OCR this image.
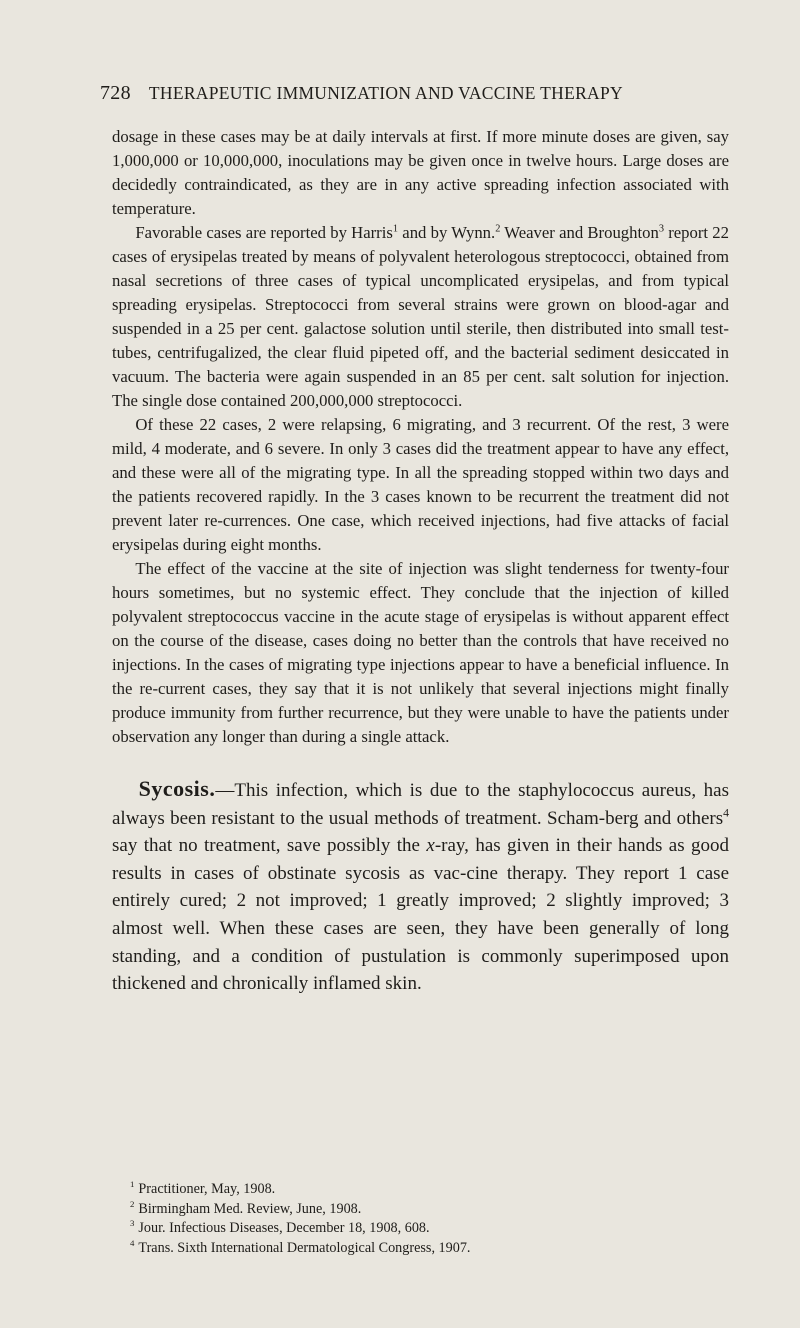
728 THERAPEUTIC IMMUNIZATION AND VACCINE THERAPY

dosage in these cases may be at daily intervals at first. If more minute doses are given, say 1,000,000 or 10,000,000, inoculations may be given once in twelve hours. Large doses are decidedly contraindicated, as they are in any active spreading infection associated with temperature.

Favorable cases are reported by Harris$^1$ and by Wynn.$^2$ Weaver and Broughton$^3$ report 22 cases of erysipelas treated by means of polyvalent heterologous streptococci, obtained from nasal secretions of three cases of typical uncomplicated erysipelas, and from typical spreading erysipelas. Streptococci from several strains were grown on blood-agar and suspended in a 25 per cent. galactose solution until sterile, then distributed into small test-tubes, centrifugalized, the clear fluid pipeted off, and the bacterial sediment desiccated in vacuum. The bacteria were again suspended in an 85 per cent. salt solution for injection. The single dose contained 200,000,000 streptococci.

Of these 22 cases, 2 were relapsing, 6 migrating, and 3 recurrent. Of the rest, 3 were mild, 4 moderate, and 6 severe. In only 3 cases did the treatment appear to have any effect, and these were all of the migrating type. In all the spreading stopped within two days and the patients recovered rapidly. In the 3 cases known to be recurrent the treatment did not prevent later re-currences. One case, which received injections, had five attacks of facial erysipelas during eight months.

The effect of the vaccine at the site of injection was slight tenderness for twenty-four hours sometimes, but no systemic effect. They conclude that the injection of killed polyvalent streptococcus vaccine in the acute stage of erysipelas is without apparent effect on the course of the disease, cases doing no better than the controls that have received no injections. In the cases of migrating type injections appear to have a beneficial influence. In the re-current cases, they say that it is not unlikely that several injections might finally produce immunity from further recurrence, but they were unable to have the patients under observation any longer than during a single attack.

Sycosis.—This infection, which is due to the staphylococcus aureus, has always been resistant to the usual methods of treatment. Scham-berg and others$^4$ say that no treatment, save possibly the x-ray, has given in their hands as good results in cases of obstinate sycosis as vac-cine therapy. They report 1 case entirely cured; 2 not improved; 1 greatly improved; 2 slightly improved; 3 almost well. When these cases are seen, they have been generally of long standing, and a condition of pustulation is commonly superimposed upon thickened and chronically inflamed skin.

$^1$ Practitioner, May, 1908.
$^2$ Birmingham Med. Review, June, 1908.
$^3$ Jour. Infectious Diseases, December 18, 1908, 608.
$^4$ Trans. Sixth International Dermatological Congress, 1907.
